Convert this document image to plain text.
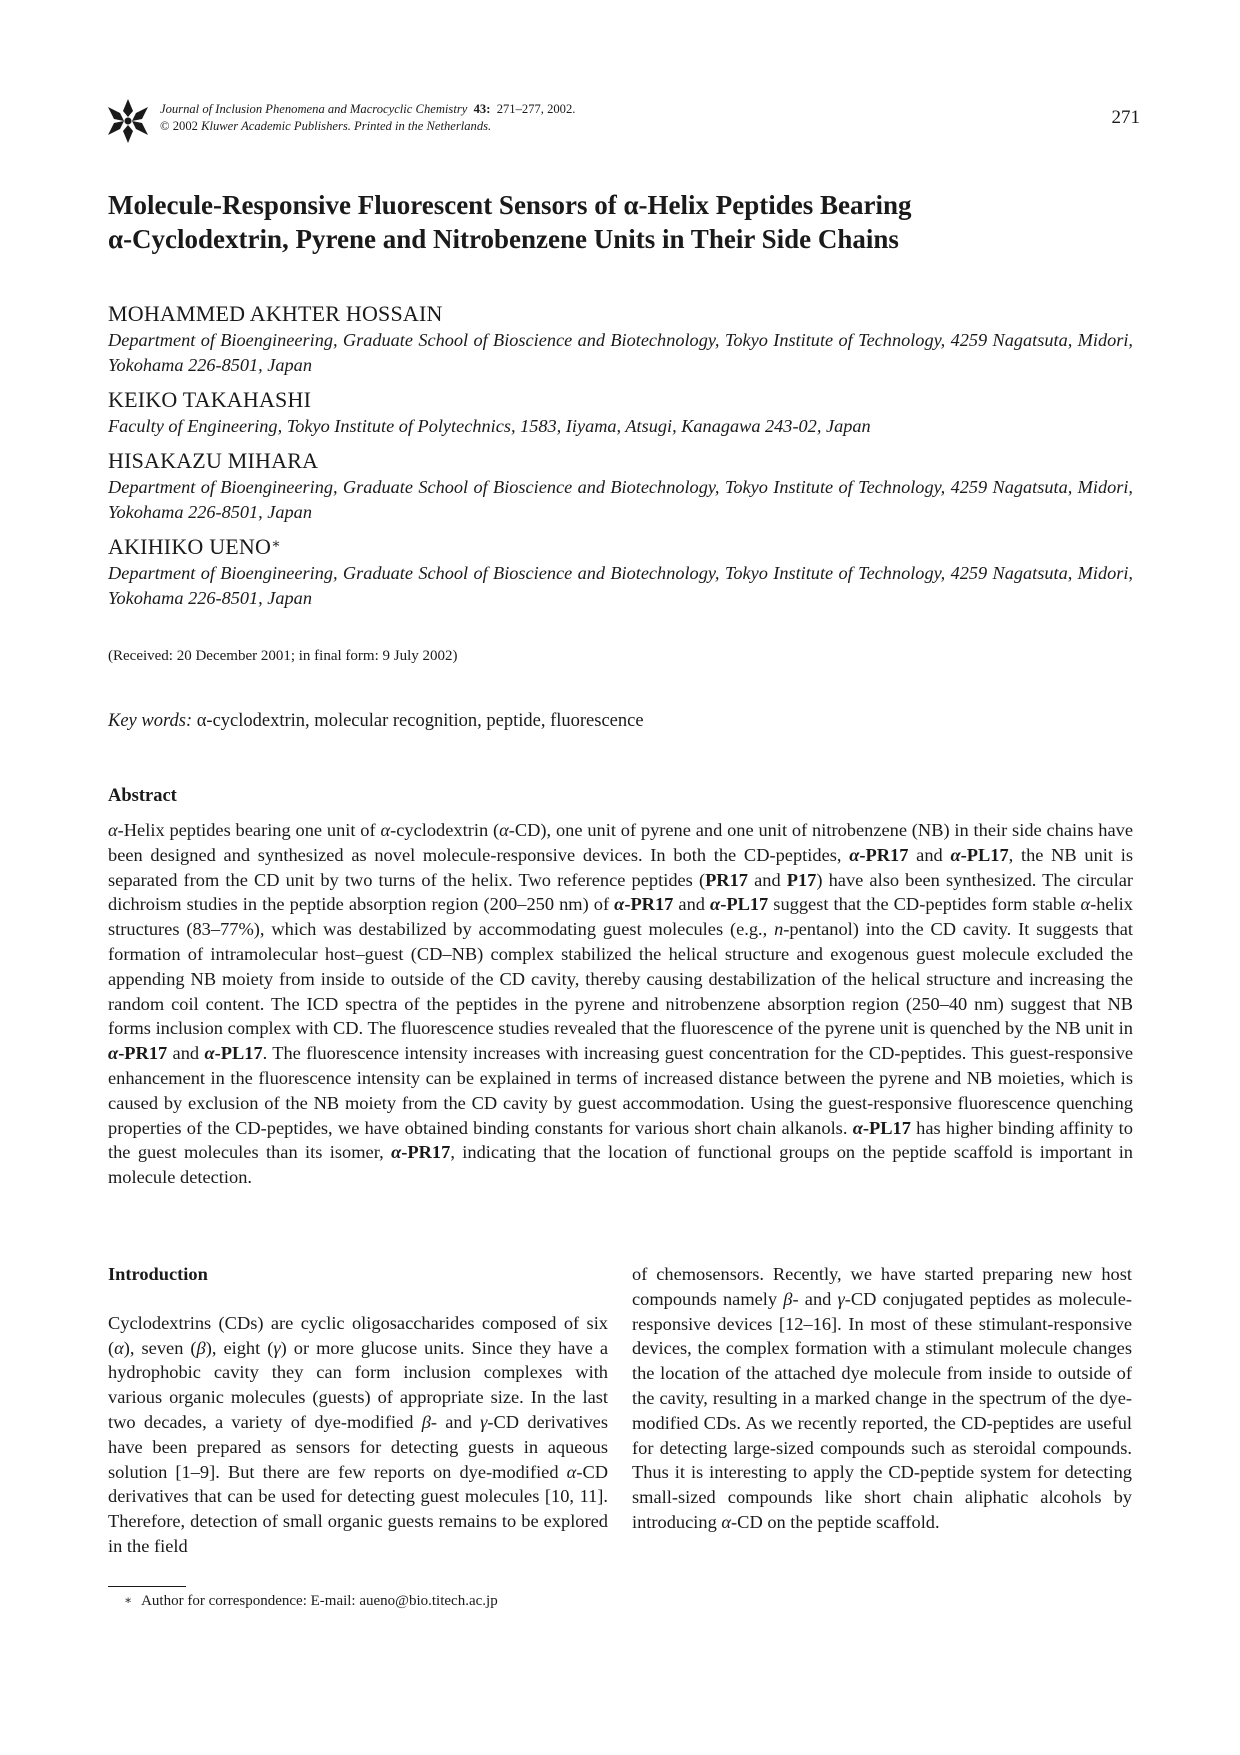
Journal of Inclusion Phenomena and Macrocyclic Chemistry 43: 271–277, 2002.
© 2002 Kluwer Academic Publishers. Printed in the Netherlands.	271
Molecule-Responsive Fluorescent Sensors of α-Helix Peptides Bearing
α-Cyclodextrin, Pyrene and Nitrobenzene Units in Their Side Chains
MOHAMMED AKHTER HOSSAIN
Department of Bioengineering, Graduate School of Bioscience and Biotechnology, Tokyo Institute of Technology, 4259 Nagatsuta, Midori, Yokohama 226-8501, Japan
KEIKO TAKAHASHI
Faculty of Engineering, Tokyo Institute of Polytechnics, 1583, Iiyama, Atsugi, Kanagawa 243-02, Japan
HISAKAZU MIHARA
Department of Bioengineering, Graduate School of Bioscience and Biotechnology, Tokyo Institute of Technology, 4259 Nagatsuta, Midori, Yokohama 226-8501, Japan
AKIHIKO UENO∗
Department of Bioengineering, Graduate School of Bioscience and Biotechnology, Tokyo Institute of Technology, 4259 Nagatsuta, Midori, Yokohama 226-8501, Japan
(Received: 20 December 2001; in final form: 9 July 2002)
Key words: α-cyclodextrin, molecular recognition, peptide, fluorescence
Abstract
α-Helix peptides bearing one unit of α-cyclodextrin (α-CD), one unit of pyrene and one unit of nitrobenzene (NB) in their side chains have been designed and synthesized as novel molecule-responsive devices. In both the CD-peptides, α-PR17 and α-PL17, the NB unit is separated from the CD unit by two turns of the helix. Two reference peptides (PR17 and P17) have also been synthesized. The circular dichroism studies in the peptide absorption region (200–250 nm) of α-PR17 and α-PL17 suggest that the CD-peptides form stable α-helix structures (83–77%), which was destabilized by accommodating guest molecules (e.g., n-pentanol) into the CD cavity. It suggests that formation of intramolecular host–guest (CD–NB) complex stabilized the helical structure and exogenous guest molecule excluded the appending NB moiety from inside to outside of the CD cavity, thereby causing destabilization of the helical structure and increasing the random coil content. The ICD spectra of the peptides in the pyrene and nitrobenzene absorption region (250–40 nm) suggest that NB forms inclusion complex with CD. The fluorescence studies revealed that the fluorescence of the pyrene unit is quenched by the NB unit in α-PR17 and α-PL17. The fluorescence intensity increases with increasing guest concentration for the CD-peptides. This guest-responsive enhancement in the fluorescence intensity can be explained in terms of increased distance between the pyrene and NB moieties, which is caused by exclusion of the NB moiety from the CD cavity by guest accommodation. Using the guest-responsive fluorescence quenching properties of the CD-peptides, we have obtained binding constants for various short chain alkanols. α-PL17 has higher binding affinity to the guest molecules than its isomer, α-PR17, indicating that the location of functional groups on the peptide scaffold is important in molecule detection.
Introduction
Cyclodextrins (CDs) are cyclic oligosaccharides composed of six (α), seven (β), eight (γ) or more glucose units. Since they have a hydrophobic cavity they can form inclusion complexes with various organic molecules (guests) of appropriate size. In the last two decades, a variety of dye-modified β- and γ-CD derivatives have been prepared as sensors for detecting guests in aqueous solution [1–9]. But there are few reports on dye-modified α-CD derivatives that can be used for detecting guest molecules [10, 11]. Therefore, detection of small organic guests remains to be explored in the field
of chemosensors. Recently, we have started preparing new host compounds namely β- and γ-CD conjugated peptides as molecule-responsive devices [12–16]. In most of these stimulant-responsive devices, the complex formation with a stimulant molecule changes the location of the attached dye molecule from inside to outside of the cavity, resulting in a marked change in the spectrum of the dye-modified CDs. As we recently reported, the CD-peptides are useful for detecting large-sized compounds such as steroidal compounds. Thus it is interesting to apply the CD-peptide system for detecting small-sized compounds like short chain aliphatic alcohols by introducing α-CD on the peptide scaffold.
∗ Author for correspondence: E-mail: aueno@bio.titech.ac.jp
